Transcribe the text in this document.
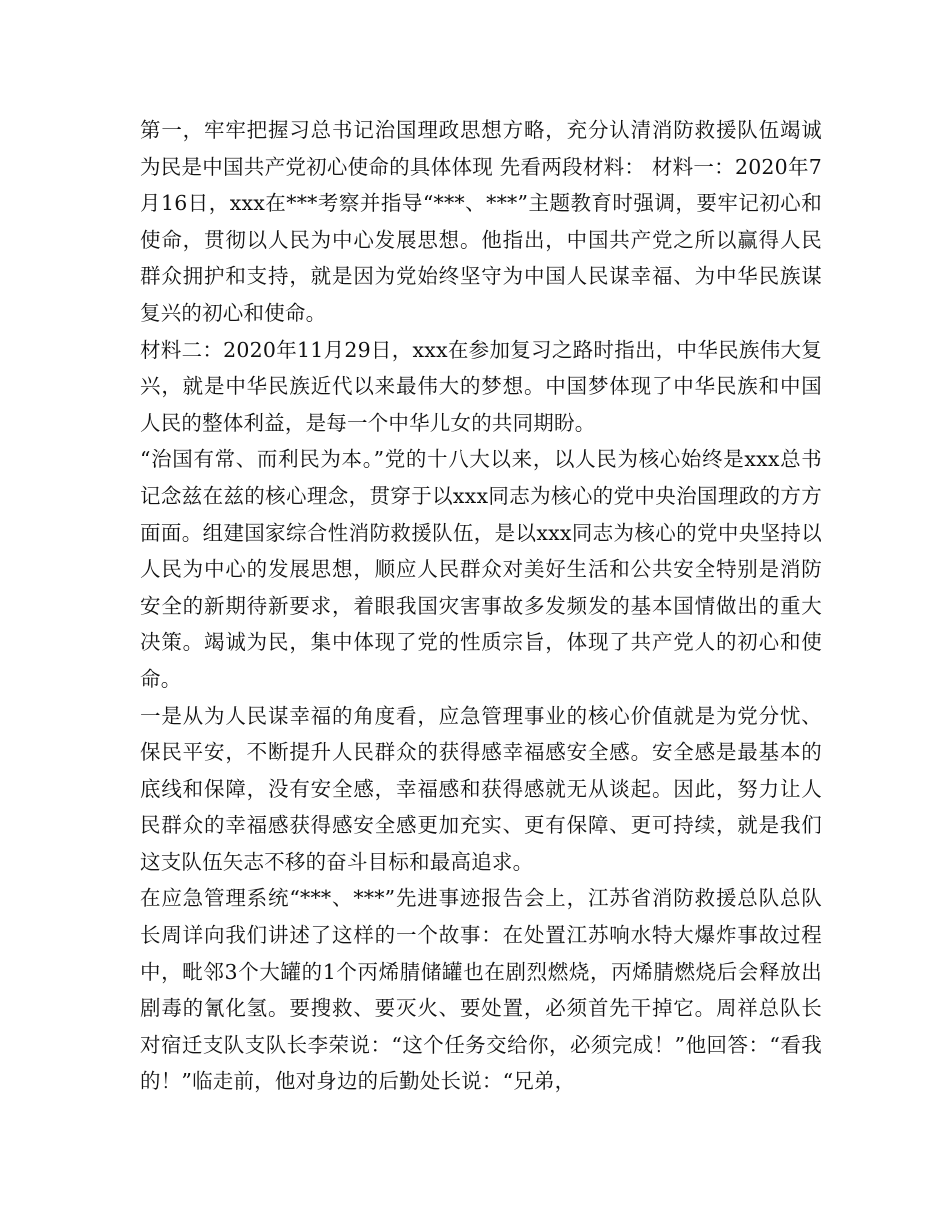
第一，牢牢把握习总书记治国理政思想方略，充分认清消防救援队伍竭诚为民是中国共产党初心使命的具体体现 先看两段材料： 材料一：2020年7月16日，xxx在***考察并指导“***、***”主题教育时强调，要牢记初心和使命，贯彻以人民为中心发展思想。他指出，中国共产党之所以赢得人民群众拥护和支持，就是因为党始终坚守为中国人民谋幸福、为中华民族谋复兴的初心和使命。

材料二：2020年11月29日，xxx在参加复习之路时指出，中华民族伟大复兴，就是中华民族近代以来最伟大的梦想。中国梦体现了中华民族和中国人民的整体利益，是每一个中华儿女的共同期盼。

“治国有常、而利民为本。”党的十八大以来，以人民为核心始终是xxx总书记念兹在兹的核心理念，贯穿于以xxx同志为核心的党中央治国理政的方方面面。组建国家综合性消防救援队伍，是以xxx同志为核心的党中央坚持以人民为中心的发展思想，顺应人民群众对美好生活和公共安全特别是消防安全的新期待新要求，着眼我国灾害事故多发频发的基本国情做出的重大决策。竭诚为民，集中体现了党的性质宗旨，体现了共产党人的初心和使命。

一是从为人民谋幸福的角度看，应急管理事业的核心价值就是为党分忧、保民平安，不断提升人民群众的获得感幸福感安全感。安全感是最基本的底线和保障，没有安全感，幸福感和获得感就无从谈起。因此，努力让人民群众的幸福感获得感安全感更加充实、更有保障、更可持续，就是我们这支队伍矢志不移的奋斗目标和最高追求。

在应急管理系统“***、***”先进事迹报告会上，江苏省消防救援总队总队长周详向我们讲述了这样的一个故事：在处置江苏响水特大爆炸事故过程中，毗邻3个大罐的1个丙烯腈储罐也在剧烈燃烧，丙烯腈燃烧后会释放出剧毒的氰化氢。要搜救、要灭火、要处置，必须首先干掉它。周祥总队长对宿迁支队支队长李荣说：“这个任务交给你，必须完成！”他回答：“看我的！”临走前，他对身边的后勤处长说：“兄弟，
